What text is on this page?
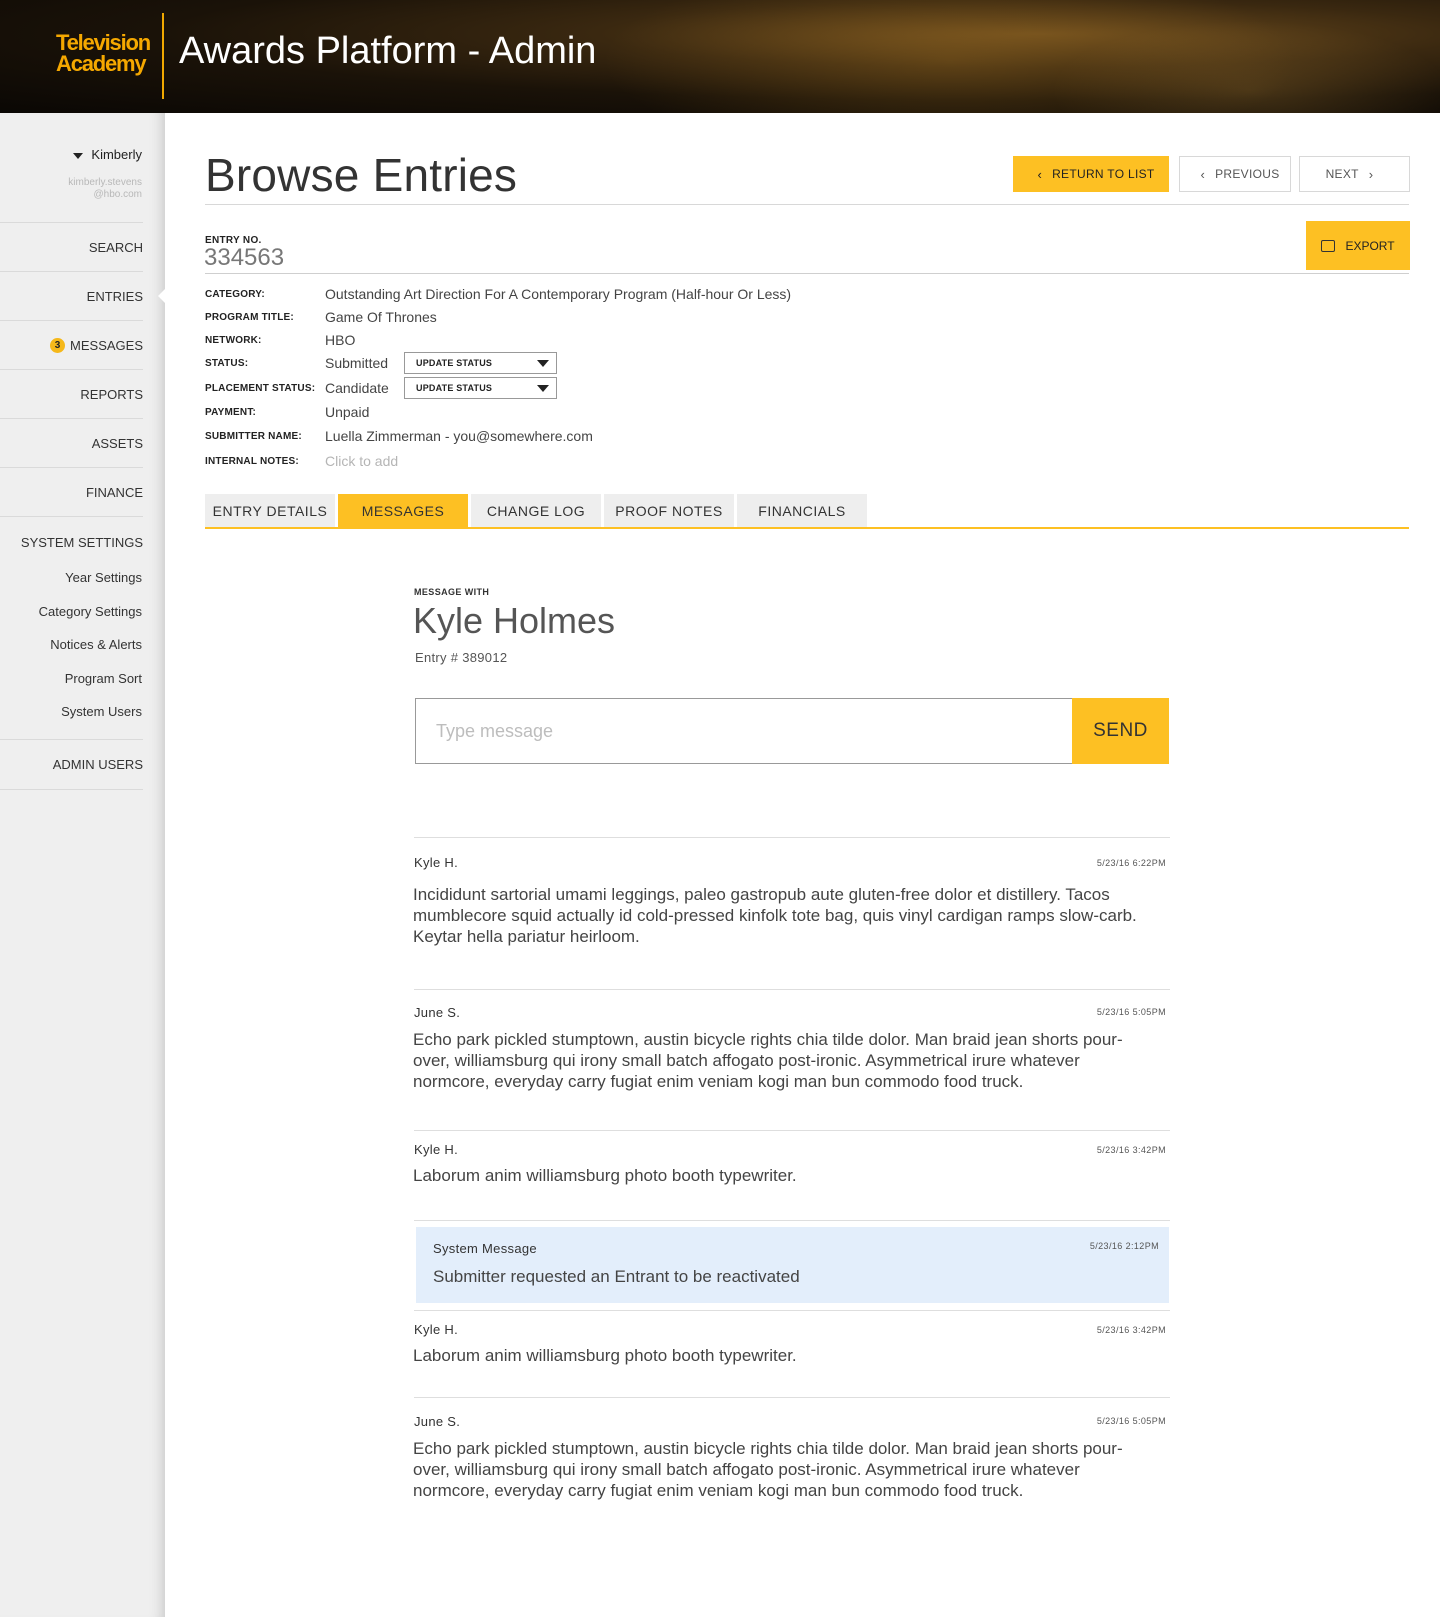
Television
Academy Awards Platform - Admin
Kimberly
kimberly.stevens
@hbo.com
SEARCH
ENTRIES
3 MESSAGES
REPORTS
ASSETS
FINANCE
SYSTEM SETTINGS
Year Settings
Category Settings
Notices & Alerts
Program Sort
System Users
ADMIN USERS
Browse Entries	‹ RETURN TO LIST	‹ PREVIOUS	NEXT ›
ENTRY NO.
334563	EXPORT
CATEGORY:	Outstanding Art Direction For A Contemporary Program (Half-hour Or Less)
PROGRAM TITLE:	Game Of Thrones
NETWORK:	HBO
STATUS:	Submitted	UPDATE STATUS
PLACEMENT STATUS: Candidate	UPDATE STATUS
PAYMENT:	Unpaid
SUBMITTER NAME:	Luella Zimmerman - you@somewhere.com
INTERNAL NOTES:	Click to add
ENTRY DETAILS MESSAGES	CHANGE LOG PROOF NOTES	FINANCIALS
MESSAGE WITH
Kyle Holmes
Entry # 389012
Type message
SEND
Kyle H.	5/23/16 6:22PM
Incididunt sartorial umami leggings, paleo gastropub aute gluten-free dolor et distillery. Tacos mumblecore squid actually id cold-pressed kinfolk tote bag, quis vinyl cardigan ramps slow-carb. Keytar hella pariatur heirloom.
June S.	5/23/16 5:05PM
Echo park pickled stumptown, austin bicycle rights chia tilde dolor. Man braid jean shorts pour-over, williamsburg qui irony small batch affogato post-ironic. Asymmetrical irure whatever normcore, everyday carry fugiat enim veniam kogi man bun commodo food truck.
Kyle H.	5/23/16 3:42PM
Laborum anim williamsburg photo booth typewriter.
System Message	5/23/16 2:12PM
Submitter requested an Entrant to be reactivated
Kyle H.	5/23/16 3:42PM
Laborum anim williamsburg photo booth typewriter.
June S.	5/23/16 5:05PM
Echo park pickled stumptown, austin bicycle rights chia tilde dolor. Man braid jean shorts pour-over, williamsburg qui irony small batch affogato post-ironic. Asymmetrical irure whatever normcore, everyday carry fugiat enim veniam kogi man bun commodo food truck.
